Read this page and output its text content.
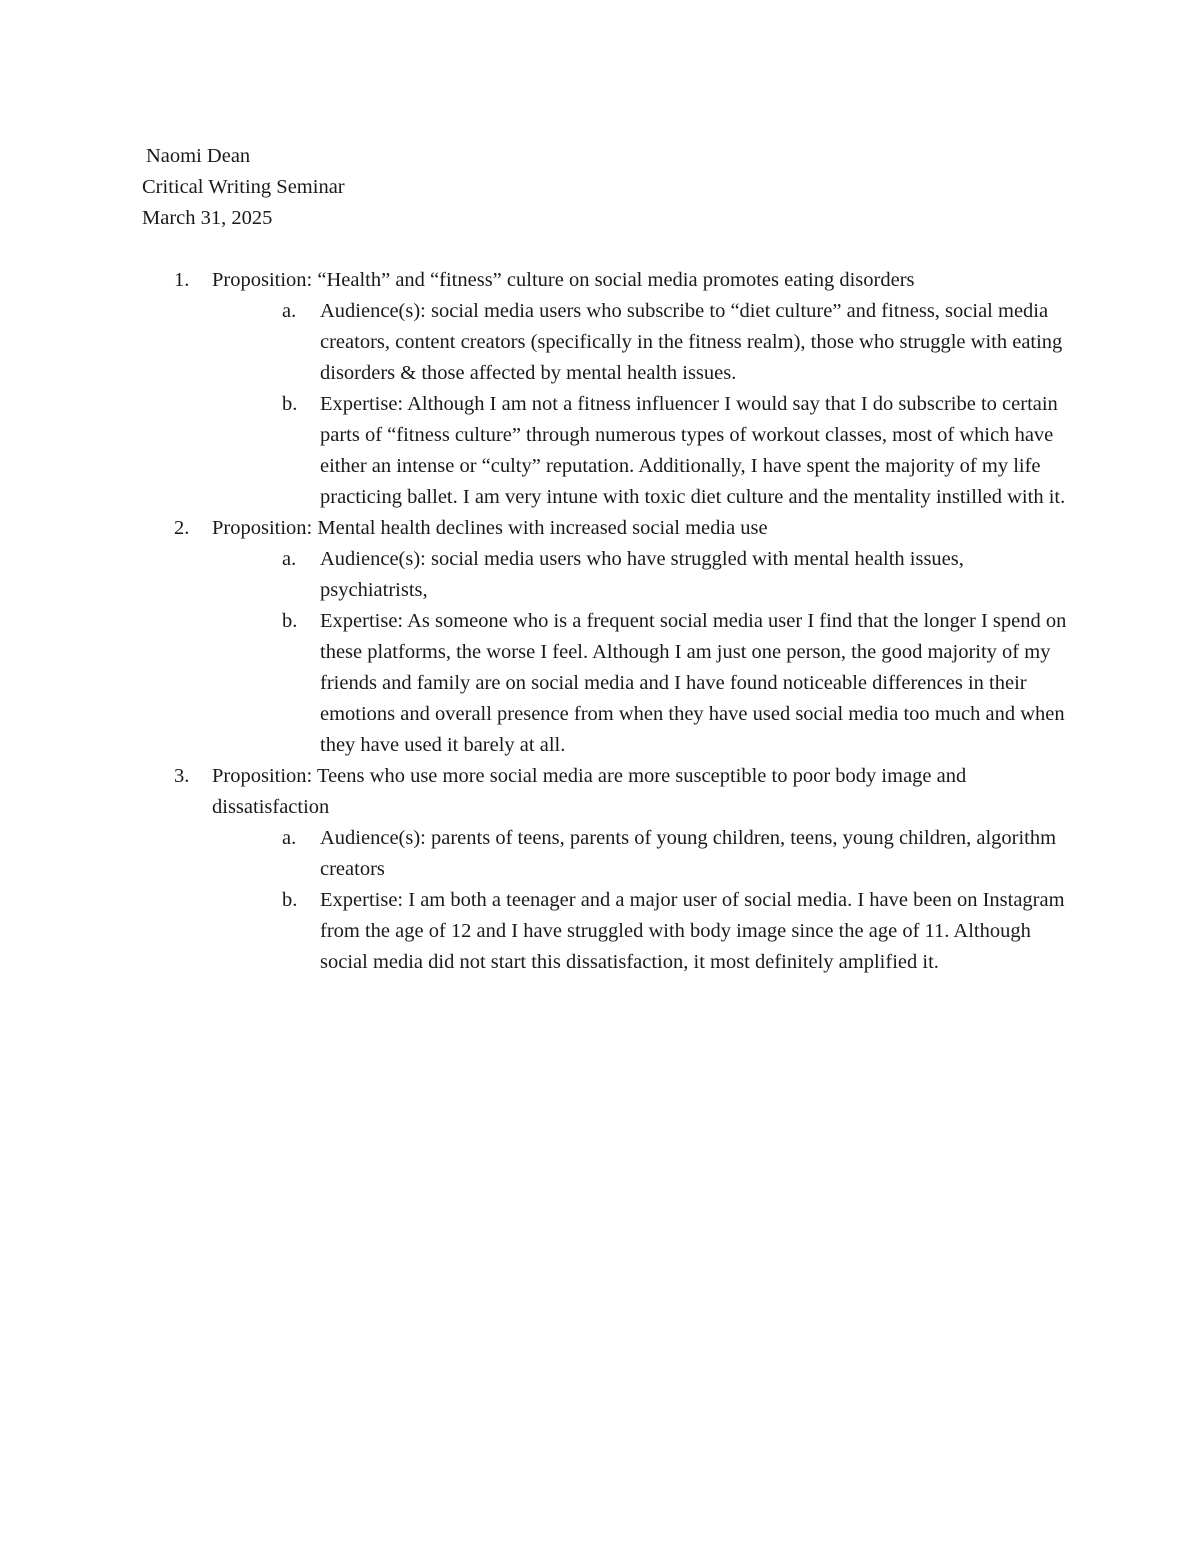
Naomi Dean
Critical Writing Seminar
March 31, 2025
1.	Proposition: “Health” and “fitness” culture on social media promotes eating disorders
a.	Audience(s): social media users who subscribe to “diet culture” and fitness, social media creators, content creators (specifically in the fitness realm), those who struggle with eating disorders & those affected by mental health issues.
b.	Expertise: Although I am not a fitness influencer I would say that I do subscribe to certain parts of “fitness culture” through numerous types of workout classes, most of which have either an intense or “culty” reputation. Additionally, I have spent the majority of my life practicing ballet. I am very intune with toxic diet culture and the mentality instilled with it.
2.	Proposition: Mental health declines with increased social media use
a.	Audience(s): social media users who have struggled with mental health issues, psychiatrists,
b.	Expertise: As someone who is a frequent social media user I find that the longer I spend on these platforms, the worse I feel. Although I am just one person, the good majority of my friends and family are on social media and I have found noticeable differences in their emotions and overall presence from when they have used social media too much and when they have used it barely at all.
3.	Proposition: Teens who use more social media are more susceptible to poor body image and dissatisfaction
a.	Audience(s): parents of teens, parents of young children, teens, young children, algorithm creators
b.	Expertise: I am both a teenager and a major user of social media. I have been on Instagram from the age of 12 and I have struggled with body image since the age of 11. Although social media did not start this dissatisfaction, it most definitely amplified it.
